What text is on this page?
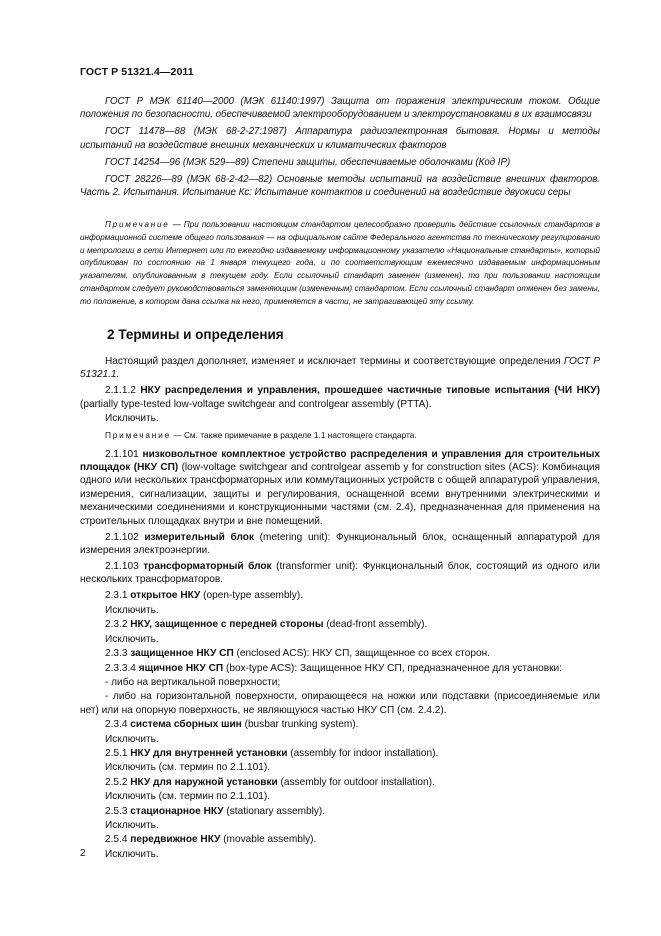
ГОСТ Р 51321.4—2011

ГОСТ Р МЭК 61140—2000 (МЭК 61140:1997) Защита от поражения электрическим током. Общие положения по безопасности, обеспечиваемой электрооборудованием и электроустановками в их взаимосвязи

ГОСТ 11478—88 (МЭК 68-2-27:1987) Аппаратура радиоэлектронная бытовая. Нормы и методы испытаний на воздействие внешних механических и климатических факторов

ГОСТ 14254—96 (МЭК 529—89) Степени защиты, обеспечиваемые оболочками (Код IP)

ГОСТ 28226—89 (МЭК 68-2-42—82) Основные методы испытаний на воздействие внешних факторов. Часть 2. Испытания. Испытание Кс: Испытание контактов и соединений на воздействие двуокиси серы

Примечание — При пользовании настоящим стандартом целесообразно проверить действие ссылочных стандартов в информационной системе общего пользования — на официальном сайте Федерального агентства по техническому регулированию и метрологии в сети Интернет или по ежегодно издаваемому информационному указателю «Национальные стандарты», который опубликован по состоянию на 1 января текущего года, и по соответствующим ежемесячно издаваемым информационным указателям, опубликованным в текущем году. Если ссылочный стандарт заменен (изменен), то при пользовании настоящим стандартом следует руководствоваться заменяющим (измененным) стандартом. Если ссылочный стандарт отменен без замены, то положение, в котором дана ссылка на него, применяется в части, не затрагивающей эту ссылку.

2 Термины и определения

Настоящий раздел дополняет, изменяет и исключает термины и соответствующие определения ГОСТ Р 51321.1.

2.1.1.2 НКУ распределения и управления, прошедшее частичные типовые испытания (ЧИ НКУ) (partially type-tested low-voltage switchgear and controlgear assembly (PTTA).

Исключить.

Примечание — См. также примечание в разделе 1.1 настоящего стандарта.

2.1.101 низковольтное комплектное устройство распределения и управления для строительных площадок (НКУ СП) (low-voltage switchgear and controlgear assemb y for construction sites (ACS): Комбинация одного или нескольких трансформаторных или коммутационных устройств с общей аппаратурой управления, измерения, сигнализации, защиты и регулирования, оснащенной всеми внутренними электрическими и механическими соединениями и конструкционными частями (см. 2.4), предназначенная для применения на строительных площадках внутри и вне помещений.

2.1.102 измерительный блок (metering unit): Функциональный блок, оснащенный аппаратурой для измерения электроэнергии.

2.1.103 трансформаторный блок (transformer unit): Функциональный блок, состоящий из одного или нескольких трансформаторов.

2.3.1 открытое НКУ (open-type assembly).

Исключить.

2.3.2 НКУ, защищенное с передней стороны (dead-front assembly).

Исключить.

2.3.3 защищенное НКУ СП (enclosed ACS): НКУ СП, защищенное со всех сторон.

2.3.3.4 ящичное НКУ СП (box-type ACS): Защищенное НКУ СП, предназначенное для установки:

- либо на вертикальной поверхности;

- либо на горизонтальной поверхности, опирающееся на ножки или подставки (присоединяемые или нет) или на опорную поверхность, не являющуюся частью НКУ СП (см. 2.4.2).

2.3.4 система сборных шин (busbar trunking system).

Исключить.

2.5.1 НКУ для внутренней установки (assembly for indoor installation).

Исключить (см. термин по 2.1.101).

2.5.2 НКУ для наружной установки (assembly for outdoor installation).

Исключить (см. термин по 2.1.101).

2.5.3 стационарное НКУ (stationary assembly).

Исключить.

2.5.4 передвижное НКУ (movable assembly).

Исключить.

2
